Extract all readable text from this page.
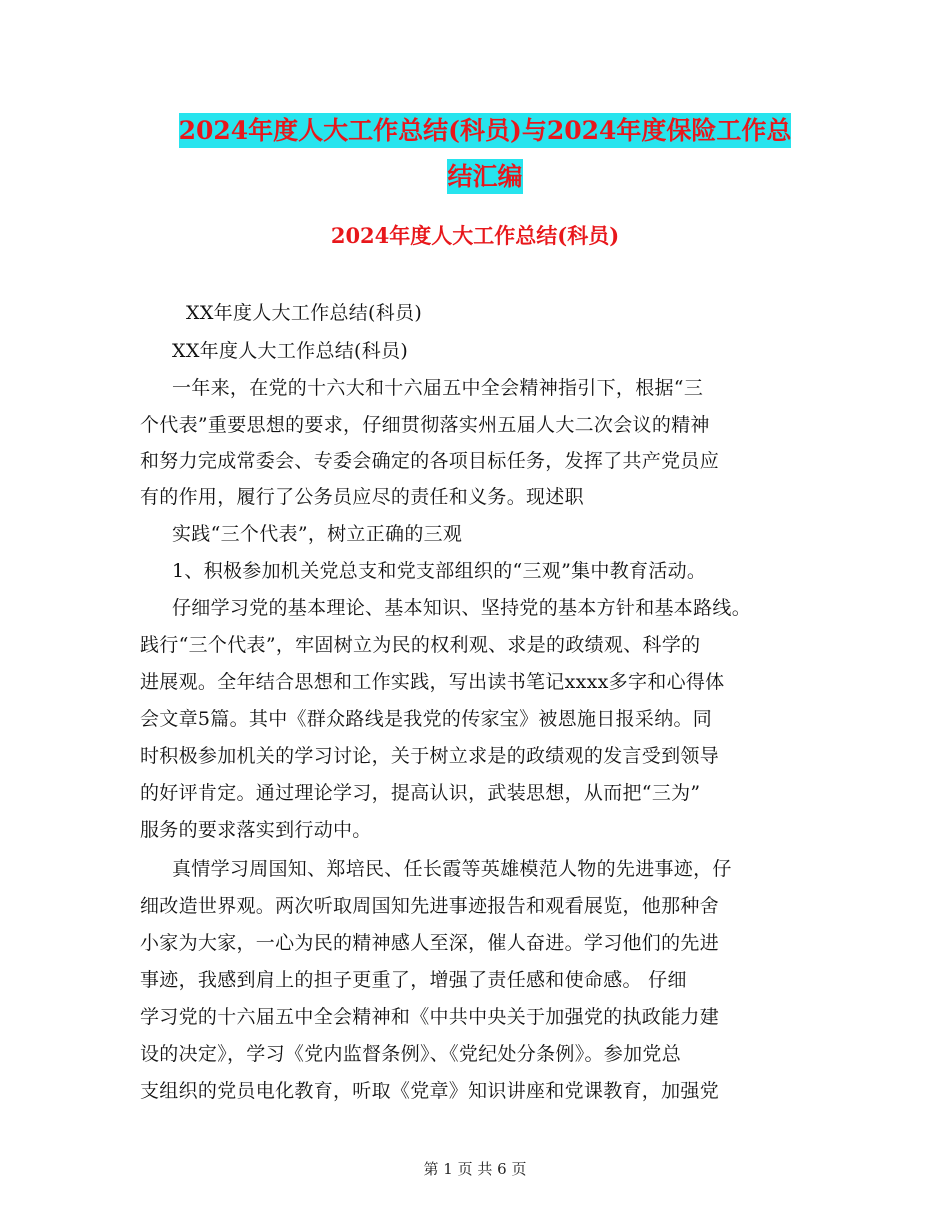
2024年度人大工作总结(科员)与2024年度保险工作总
结汇编
2024年度人大工作总结(科员)
XX年度人大工作总结(科员)
XX年度人大工作总结(科员)
一年来，在党的十六大和十六届五中全会精神指引下，根据“三
个代表”重要思想的要求，仔细贯彻落实州五届人大二次会议的精神
和努力完成常委会、专委会确定的各项目标任务，发挥了共产党员应
有的作用，履行了公务员应尽的责任和义务。现述职
实践“三个代表”，树立正确的三观
1、积极参加机关党总支和党支部组织的“三观”集中教育活动。
仔细学习党的基本理论、基本知识、坚持党的基本方针和基本路线。
践行“三个代表”，牢固树立为民的权利观、求是的政绩观、科学的
进展观。全年结合思想和工作实践，写出读书笔记xxxx多字和心得体
会文章5篇。其中《群众路线是我党的传家宝》被恩施日报采纳。同
时积极参加机关的学习讨论，关于树立求是的政绩观的发言受到领导
的好评肯定。通过理论学习，提高认识，武装思想，从而把“三为”
服务的要求落实到行动中。
真情学习周国知、郑培民、任长霞等英雄模范人物的先进事迹，仔
细改造世界观。两次听取周国知先进事迹报告和观看展览，他那种舍
小家为大家，一心为民的精神感人至深，催人奋进。学习他们的先进
事迹，我感到肩上的担子更重了，增强了责任感和使命感。 仔细
学习党的十六届五中全会精神和《中共中央关于加强党的执政能力建
设的决定》，学习《党内监督条例》、《党纪处分条例》。参加党总
支组织的党员电化教育，听取《党章》知识讲座和党课教育，加强党
第 1 页 共 6 页
